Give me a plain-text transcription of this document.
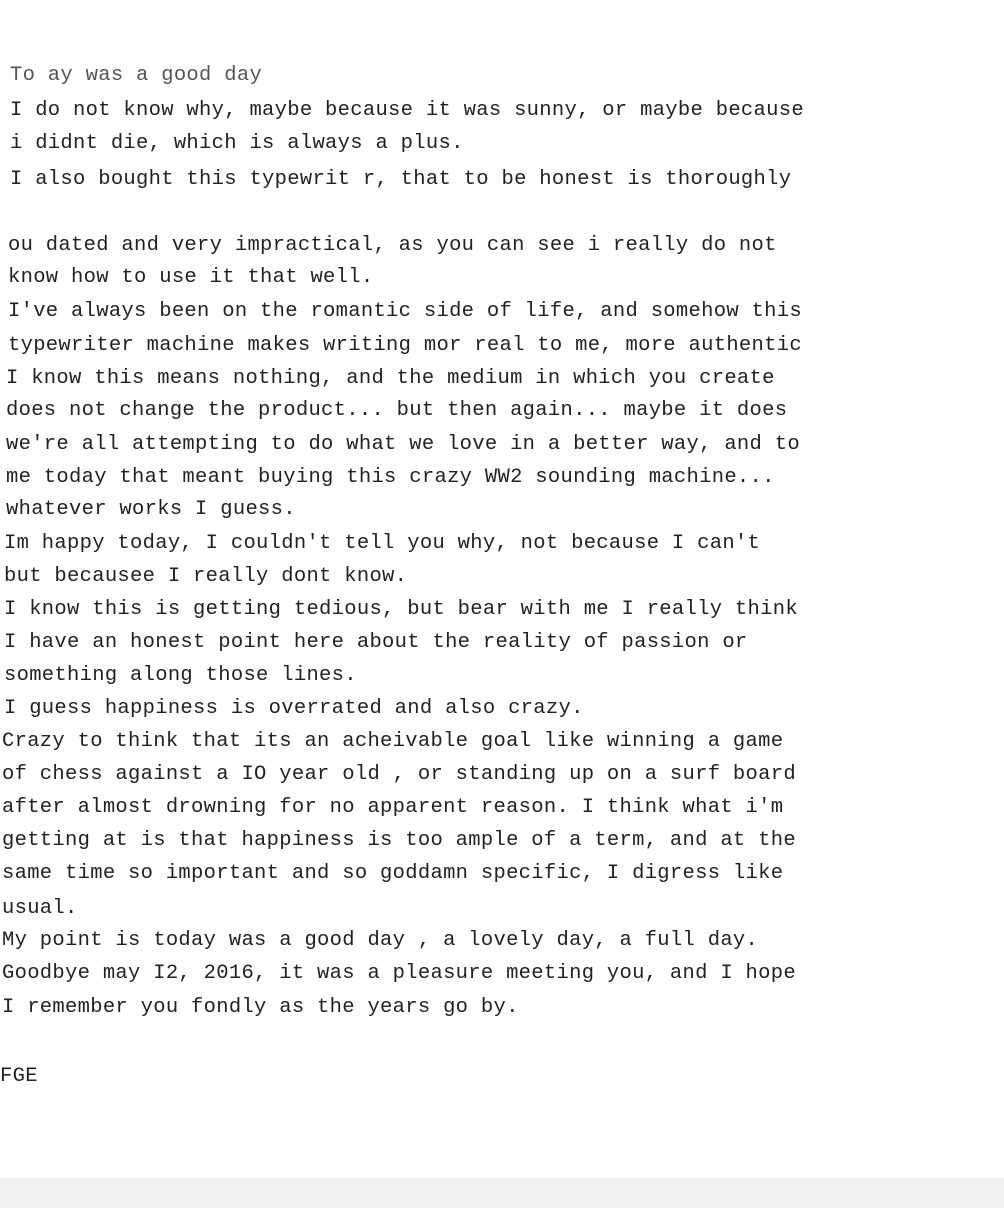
To ay was a good day

I do not know why, maybe because it was sunny, or maybe because

i didnt die, which is always a plus.

I also bought this typewrit r, that to be honest is thoroughly

ou dated and very impractical, as you can see i really do not

know how to use it that well.

I've always been on the romantic side of life, and somehow this

typewriter machine makes writing mor real to me, more authentic

I know this means nothing, and the medium in which you create

does not change the product... but then again... maybe it does

we're all attempting to do what we love in a better way, and to

me today that meant buying this crazy WW2 sounding machine...

whatever works I guess.

Im happy today, I couldn't tell you why, not because I can't

but becausee I really dont know.

I know this is getting tedious, but bear with me I really think

I have an honest point here about the reality of passion or

something along those lines.

I guess happiness is overrated and also crazy.

Crazy to think that its an acheivable goal like winning a game

of chess against a IO year old , or standing up on a surf board

after almost drowning for no apparent reason. I think what i'm

getting at is that happiness is too ample of a term, and at the

same time so important and so goddamn specific, I digress like

usual.

My point is today was a good day , a lovely day, a full day.

Goodbye may I2, 2016, it was a pleasure meeting you, and I hope

I remember you fondly as the years go by.

FGE
